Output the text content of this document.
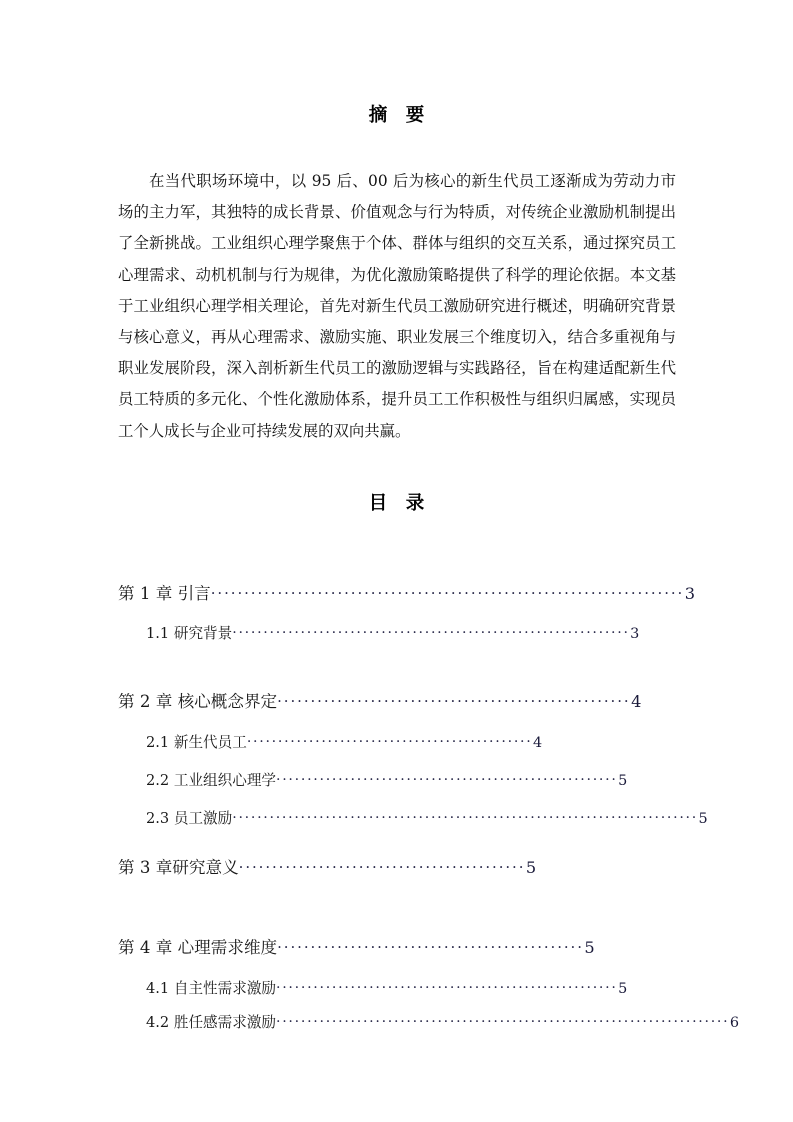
摘　要
在当代职场环境中，以 95 后、00 后为核心的新生代员工逐渐成为劳动力市场的主力军，其独特的成长背景、价值观念与行为特质，对传统企业激励机制提出了全新挑战。工业组织心理学聚焦于个体、群体与组织的交互关系，通过探究员工心理需求、动机机制与行为规律，为优化激励策略提供了科学的理论依据。本文基于工业组织心理学相关理论，首先对新生代员工激励研究进行概述，明确研究背景与核心意义，再从心理需求、激励实施、职业发展三个维度切入，结合多重视角与职业发展阶段，深入剖析新生代员工的激励逻辑与实践路径，旨在构建适配新生代员工特质的多元化、个性化激励体系，提升员工工作积极性与组织归属感，实现员工个人成长与企业可持续发展的双向共赢。
目　录
第 1 章 引言 ······································································· 3
1.1 研究背景 ································································ 3
第 2 章 核心概念界定 ····················································· 4
2.1 新生代员工 ·············································· 4
2.2 工业组织心理学 ······················································· 5
2.3 员工激励 ··········································································· 5
第 3 章研究意义 ··········································· 5
第 4 章 心理需求维度 ·············································· 5
4.1 自主性需求激励 ······················································· 5
4.2 胜任感需求激励 ········································································· 6
